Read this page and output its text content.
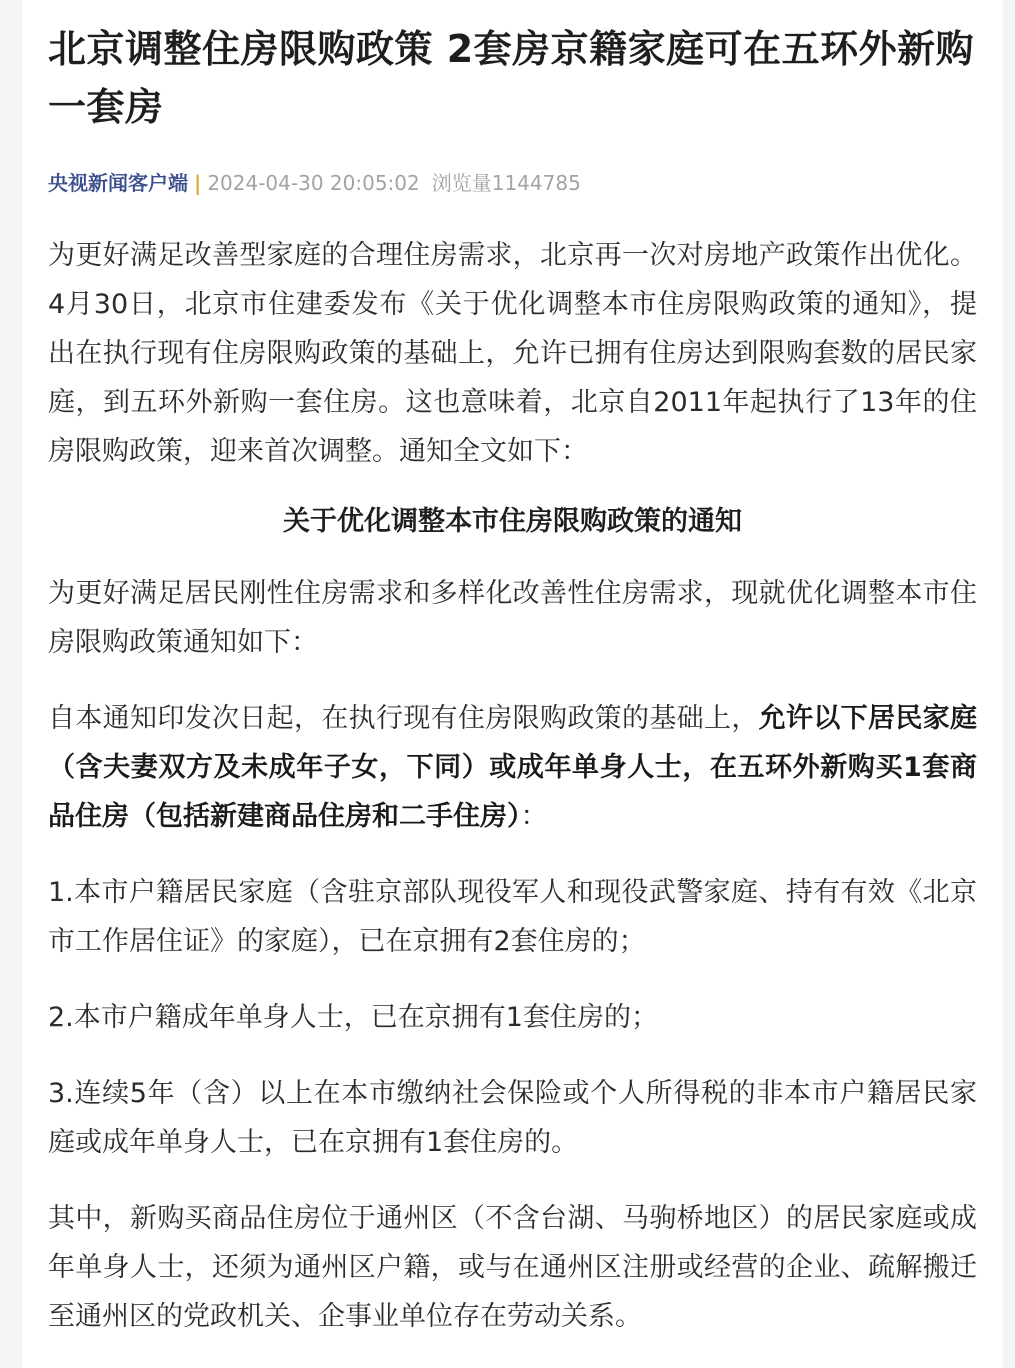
北京调整住房限购政策 2套房京籍家庭可在五环外新购一套房
央视新闻客户端 | 2024-04-30 20:05:02 浏览量1144785

为更好满足改善型家庭的合理住房需求，北京再一次对房地产政策作出优化。4月30日，北京市住建委发布《关于优化调整本市住房限购政策的通知》，提出在执行现有住房限购政策的基础上，允许已拥有住房达到限购套数的居民家庭，到五环外新购一套住房。这也意味着，北京自2011年起执行了13年的住房限购政策，迎来首次调整。通知全文如下：

关于优化调整本市住房限购政策的通知

为更好满足居民刚性住房需求和多样化改善性住房需求，现就优化调整本市住房限购政策通知如下：

自本通知印发次日起，在执行现有住房限购政策的基础上，允许以下居民家庭（含夫妻双方及未成年子女，下同）或成年单身人士，在五环外新购买1套商品住房（包括新建商品住房和二手住房）：

1.本市户籍居民家庭（含驻京部队现役军人和现役武警家庭、持有有效《北京市工作居住证》的家庭），已在京拥有2套住房的；

2.本市户籍成年单身人士，已在京拥有1套住房的；

3.连续5年（含）以上在本市缴纳社会保险或个人所得税的非本市户籍居民家庭或成年单身人士，已在京拥有1套住房的。

其中，新购买商品住房位于通州区（不含台湖、马驹桥地区）的居民家庭或成年单身人士，还须为通州区户籍，或与在通州区注册或经营的企业、疏解搬迁至通州区的党政机关、企事业单位存在劳动关系。
